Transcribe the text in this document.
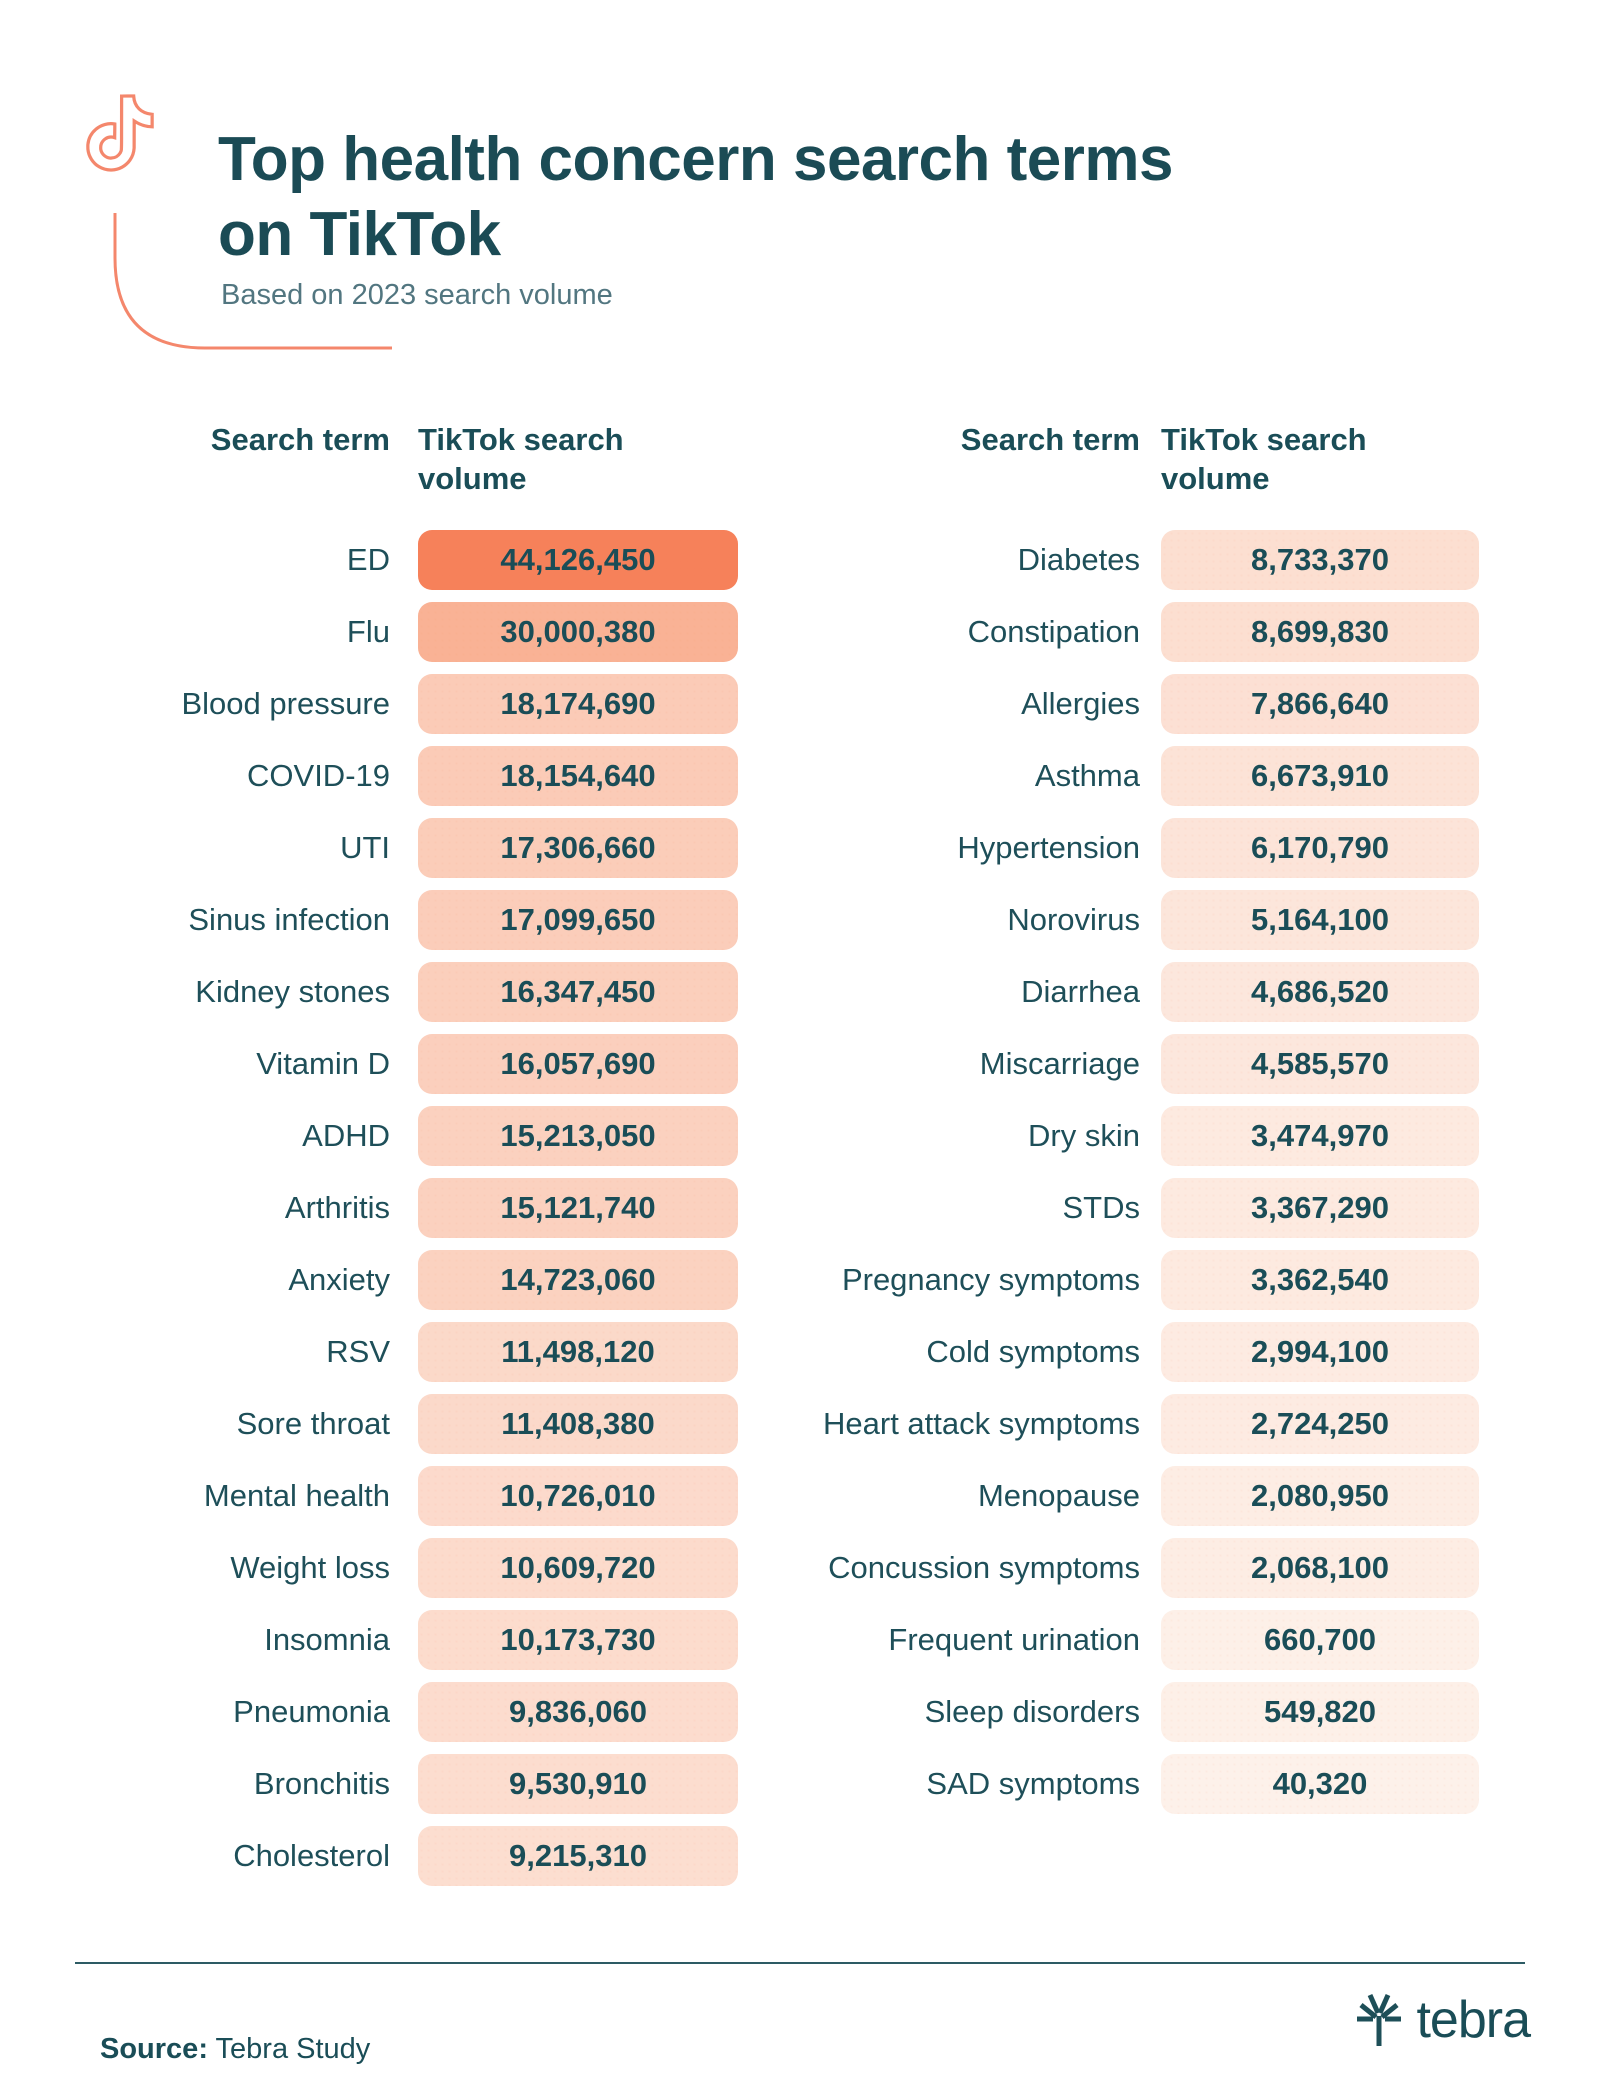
Top health concern search terms
on TikTok

Based on 2023 search volume

Search term TikTok search volume
ED	44,126,450
Flu	30,000,380
Blood pressure	18,174,690
COVID-19	18,154,640
UTI	17,306,660
Sinus infection	17,099,650
Kidney stones	16,347,450
Vitamin D	16,057,690
ADHD	15,213,050
Arthritis	15,121,740
Anxiety	14,723,060
RSV	11,498,120
Sore throat	11,408,380
Mental health	10,726,010
Weight loss	10,609,720
Insomnia	10,173,730
Pneumonia	9,836,060
Bronchitis	9,530,910
Cholesterol	9,215,310
Search term TikTok search volume
Diabetes	8,733,370
Constipation	8,699,830
Allergies	7,866,640
Asthma	6,673,910
Hypertension	6,170,790
Norovirus	5,164,100
Diarrhea	4,686,520
Miscarriage	4,585,570
Dry skin	3,474,970
STDs	3,367,290
Pregnancy symptoms	3,362,540
Cold symptoms	2,994,100
Heart attack symptoms	2,724,250
Menopause	2,080,950
Concussion symptoms	2,068,100
Frequent urination	660,700
Sleep disorders	549,820
SAD symptoms	40,320

Source: Tebra Study	tebra
